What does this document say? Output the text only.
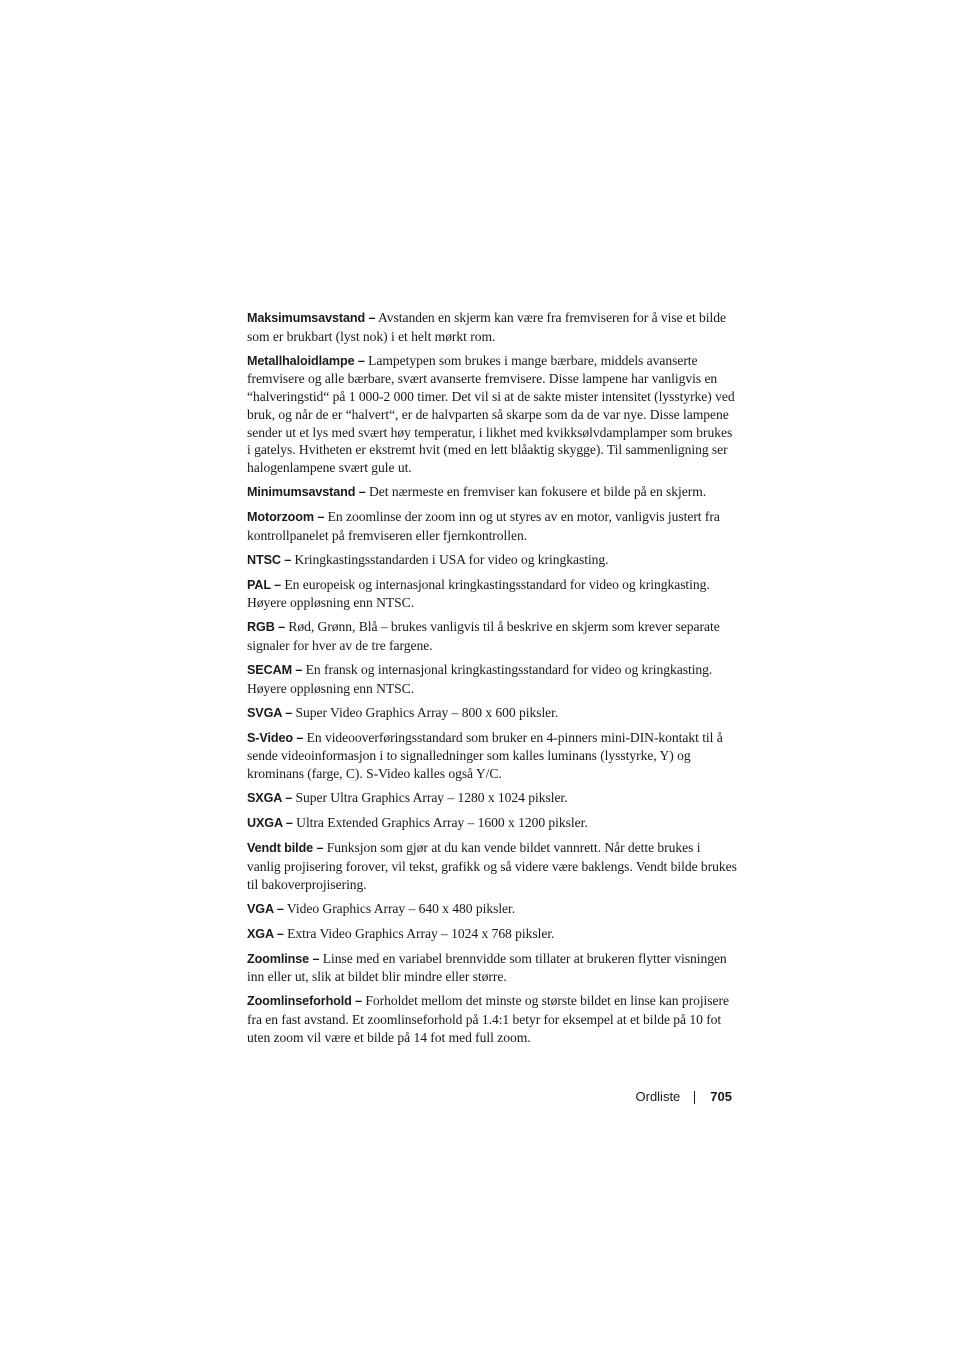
Maksimumsavstand – Avstanden en skjerm kan være fra fremviseren for å vise et bilde som er brukbart (lyst nok) i et helt mørkt rom.

Metallhaloidlampe – Lampetypen som brukes i mange bærbare, middels avanserte fremvisere og alle bærbare, svært avanserte fremvisere. Disse lampene har vanligvis en “halveringstid“ på 1 000-2 000 timer. Det vil si at de sakte mister intensitet (lysstyrke) ved bruk, og når de er “halvert“, er de halvparten så skarpe som da de var nye. Disse lampene sender ut et lys med svært høy temperatur, i likhet med kvikksølvdamplamper som brukes i gatelys. Hvitheten er ekstremt hvit (med en lett blåaktig skygge). Til sammenligning ser halogenlampene svært gule ut.

Minimumsavstand – Det nærmeste en fremviser kan fokusere et bilde på en skjerm.

Motorzoom – En zoomlinse der zoom inn og ut styres av en motor, vanligvis justert fra kontrollpanelet på fremviseren eller fjernkontrollen.

NTSC – Kringkastingsstandarden i USA for video og kringkasting.

PAL – En europeisk og internasjonal kringkastingsstandard for video og kringkasting. Høyere oppløsning enn NTSC.

RGB – Rød, Grønn, Blå – brukes vanligvis til å beskrive en skjerm som krever separate signaler for hver av de tre fargene.

SECAM – En fransk og internasjonal kringkastingsstandard for video og kringkasting. Høyere oppløsning enn NTSC.

SVGA – Super Video Graphics Array – 800 x 600 piksler.

S-Video – En videooverføringsstandard som bruker en 4-pinners mini-DIN-kontakt til å sende videoinformasjon i to signalledninger som kalles luminans (lysstyrke, Y) og krominans (farge, C). S-Video kalles også Y/C.

SXGA – Super Ultra Graphics Array – 1280 x 1024 piksler.

UXGA – Ultra Extended Graphics Array – 1600 x 1200 piksler.

Vendt bilde – Funksjon som gjør at du kan vende bildet vannrett. Når dette brukes i vanlig projisering forover, vil tekst, grafikk og så videre være baklengs. Vendt bilde brukes til bakoverprojisering.

VGA – Video Graphics Array – 640 x 480 piksler.

XGA – Extra Video Graphics Array – 1024 x 768 piksler.

Zoomlinse – Linse med en variabel brennvidde som tillater at brukeren flytter visningen inn eller ut, slik at bildet blir mindre eller større.

Zoomlinseforhold – Forholdet mellom det minste og største bildet en linse kan projisere fra en fast avstand. Et zoomlinseforhold på 1.4:1 betyr for eksempel at et bilde på 10 fot uten zoom vil være et bilde på 14 fot med full zoom.

Ordliste 705
